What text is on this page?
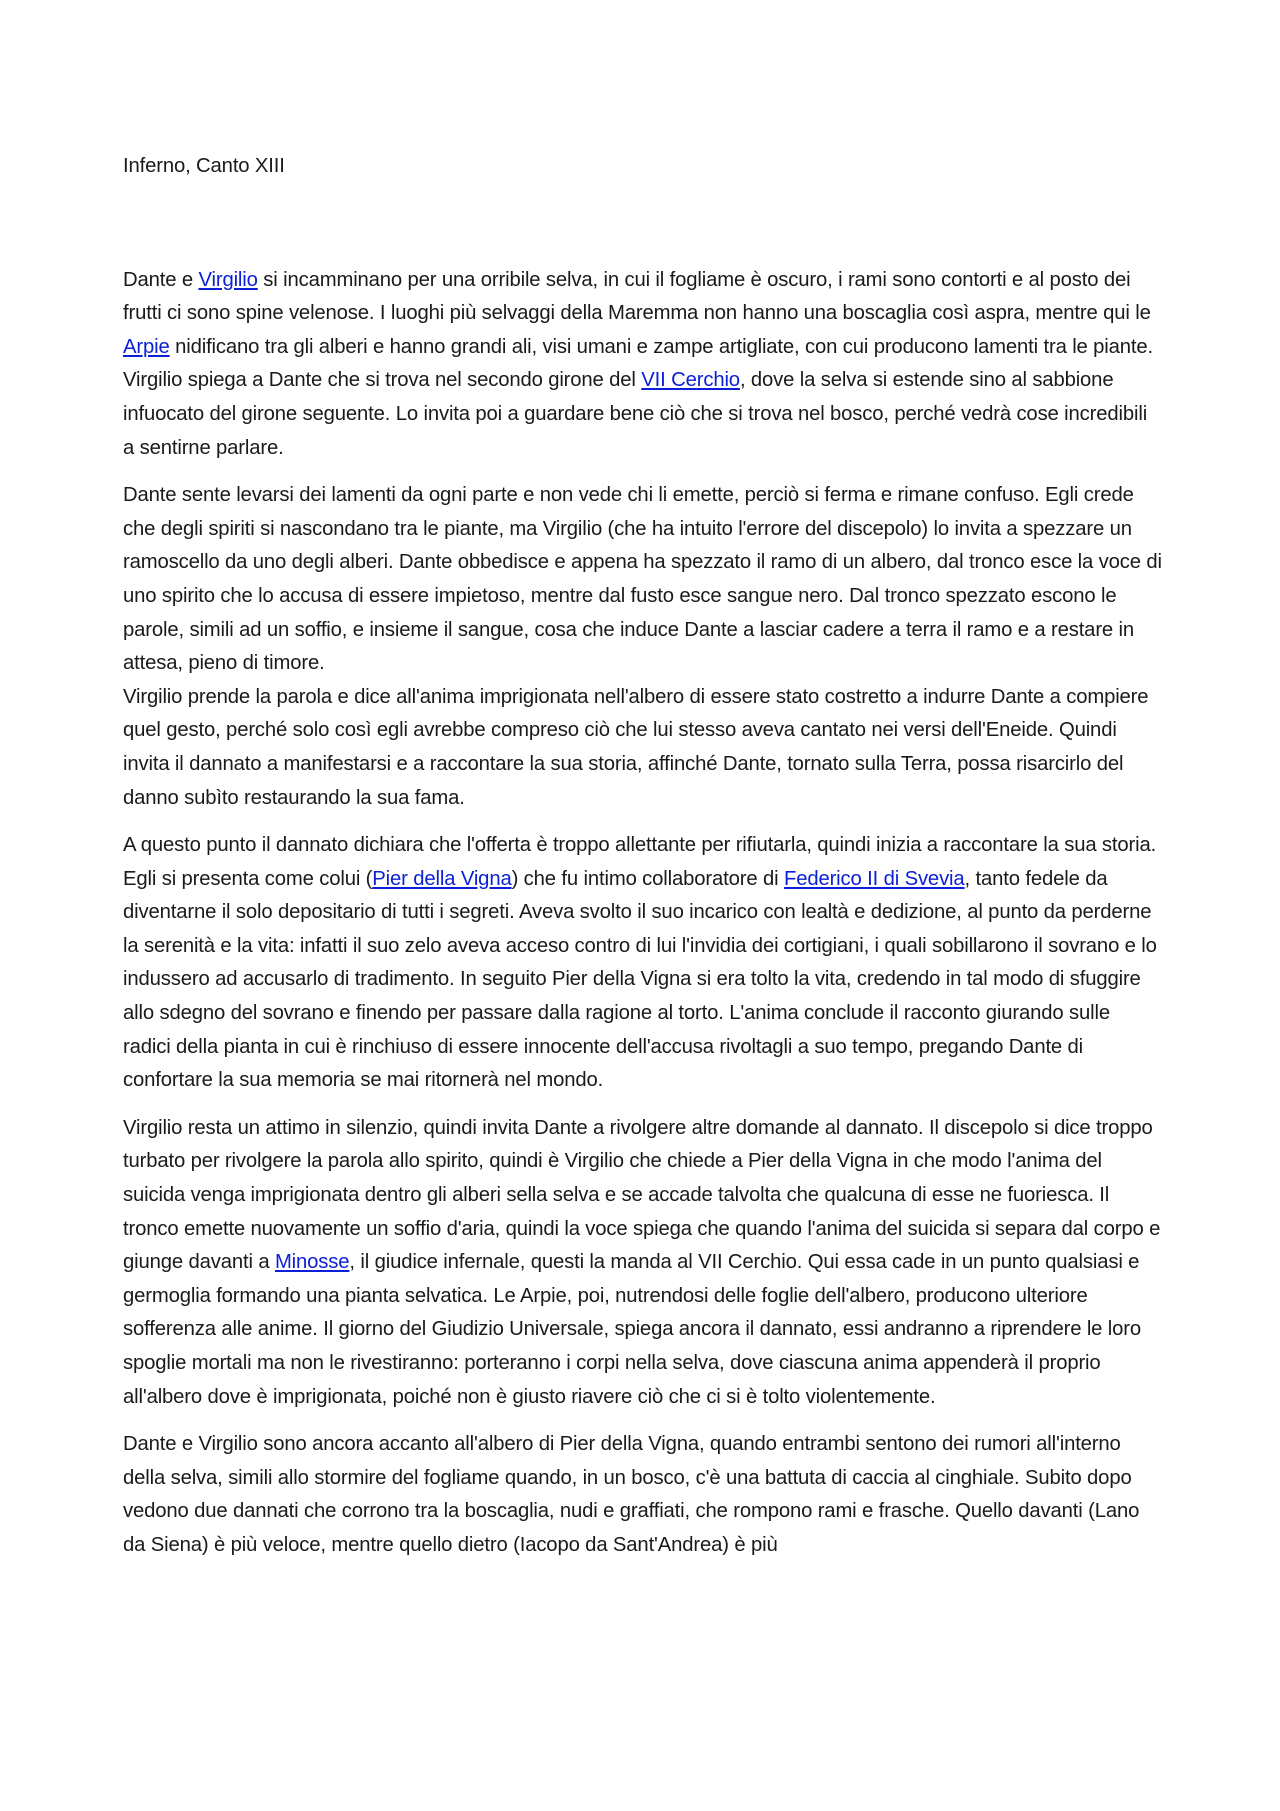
Inferno, Canto XIII

Dante e Virgilio si incamminano per una orribile selva, in cui il fogliame è oscuro, i rami sono contorti e al posto dei frutti ci sono spine velenose. I luoghi più selvaggi della Maremma non hanno una boscaglia così aspra, mentre qui le Arpie nidificano tra gli alberi e hanno grandi ali, visi umani e zampe artigliate, con cui producono lamenti tra le piante. Virgilio spiega a Dante che si trova nel secondo girone del VII Cerchio, dove la selva si estende sino al sabbione infuocato del girone seguente. Lo invita poi a guardare bene ciò che si trova nel bosco, perché vedrà cose incredibili a sentirne parlare.

Dante sente levarsi dei lamenti da ogni parte e non vede chi li emette, perciò si ferma e rimane confuso. Egli crede che degli spiriti si nascondano tra le piante, ma Virgilio (che ha intuito l'errore del discepolo) lo invita a spezzare un ramoscello da uno degli alberi. Dante obbedisce e appena ha spezzato il ramo di un albero, dal tronco esce la voce di uno spirito che lo accusa di essere impietoso, mentre dal fusto esce sangue nero. Dal tronco spezzato escono le parole, simili ad un soffio, e insieme il sangue, cosa che induce Dante a lasciar cadere a terra il ramo e a restare in attesa, pieno di timore.

Virgilio prende la parola e dice all'anima imprigionata nell'albero di essere stato costretto a indurre Dante a compiere quel gesto, perché solo così egli avrebbe compreso ciò che lui stesso aveva cantato nei versi dell'Eneide. Quindi invita il dannato a manifestarsi e a raccontare la sua storia, affinché Dante, tornato sulla Terra, possa risarcirlo del danno subìto restaurando la sua fama.

A questo punto il dannato dichiara che l'offerta è troppo allettante per rifiutarla, quindi inizia a raccontare la sua storia. Egli si presenta come colui (Pier della Vigna) che fu intimo collaboratore di Federico II di Svevia, tanto fedele da diventarne il solo depositario di tutti i segreti. Aveva svolto il suo incarico con lealtà e dedizione, al punto da perderne la serenità e la vita: infatti il suo zelo aveva acceso contro di lui l'invidia dei cortigiani, i quali sobillarono il sovrano e lo indussero ad accusarlo di tradimento. In seguito Pier della Vigna si era tolto la vita, credendo in tal modo di sfuggire allo sdegno del sovrano e finendo per passare dalla ragione al torto. L'anima conclude il racconto giurando sulle radici della pianta in cui è rinchiuso di essere innocente dell'accusa rivoltagli a suo tempo, pregando Dante di confortare la sua memoria se mai ritornerà nel mondo.

Virgilio resta un attimo in silenzio, quindi invita Dante a rivolgere altre domande al dannato. Il discepolo si dice troppo turbato per rivolgere la parola allo spirito, quindi è Virgilio che chiede a Pier della Vigna in che modo l'anima del suicida venga imprigionata dentro gli alberi sella selva e se accade talvolta che qualcuna di esse ne fuoriesca. Il tronco emette nuovamente un soffio d'aria, quindi la voce spiega che quando l'anima del suicida si separa dal corpo e giunge davanti a Minosse, il giudice infernale, questi la manda al VII Cerchio. Qui essa cade in un punto qualsiasi e germoglia formando una pianta selvatica. Le Arpie, poi, nutrendosi delle foglie dell'albero, producono ulteriore sofferenza alle anime. Il giorno del Giudizio Universale, spiega ancora il dannato, essi andranno a riprendere le loro spoglie mortali ma non le rivestiranno: porteranno i corpi nella selva, dove ciascuna anima appenderà il proprio all'albero dove è imprigionata, poiché non è giusto riavere ciò che ci si è tolto violentemente.

Dante e Virgilio sono ancora accanto all'albero di Pier della Vigna, quando entrambi sentono dei rumori all'interno della selva, simili allo stormire del fogliame quando, in un bosco, c'è una battuta di caccia al cinghiale. Subito dopo vedono due dannati che corrono tra la boscaglia, nudi e graffiati, che rompono rami e frasche. Quello davanti (Lano da Siena) è più veloce, mentre quello dietro (Iacopo da Sant'Andrea) è più
